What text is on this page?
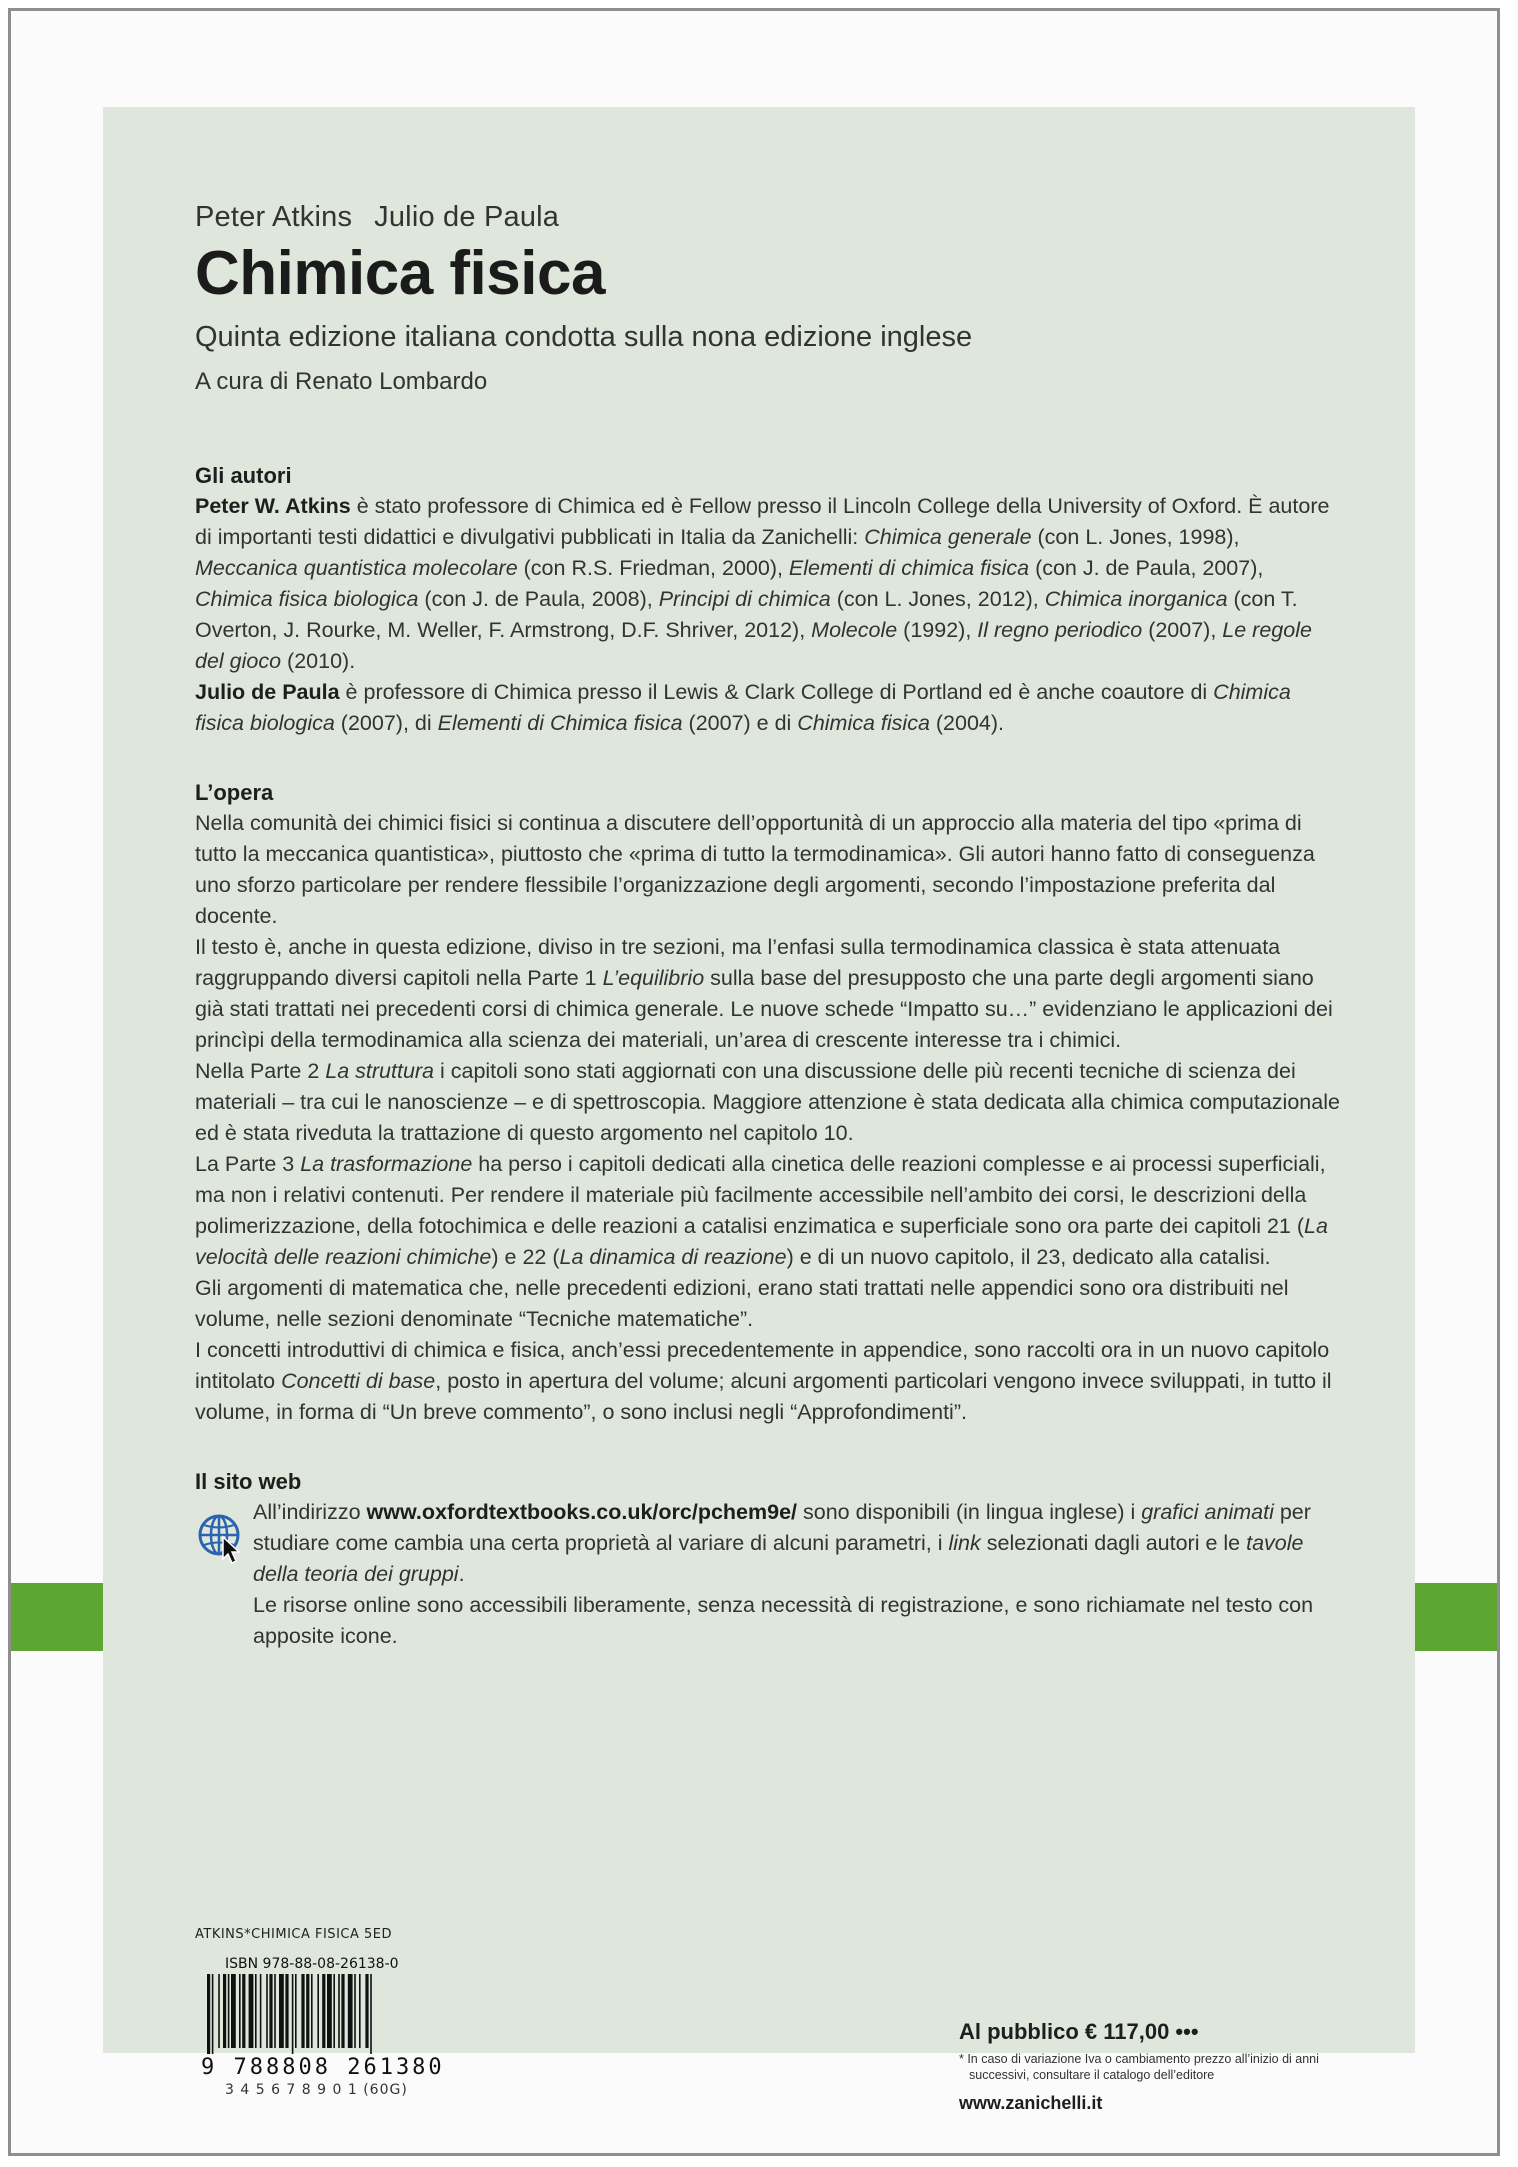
Peter Atkins Julio de Paula
Chimica fisica
Quinta edizione italiana condotta sulla nona edizione inglese
A cura di Renato Lombardo
Gli autori
Peter W. Atkins è stato professore di Chimica ed è Fellow presso il Lincoln College della University of Oxford. È autore di importanti testi didattici e divulgativi pubblicati in Italia da Zanichelli: Chimica generale (con L. Jones, 1998), Meccanica quantistica molecolare (con R.S. Friedman, 2000), Elementi di chimica fisica (con J. de Paula, 2007), Chimica fisica biologica (con J. de Paula, 2008), Principi di chimica (con L. Jones, 2012), Chimica inorganica (con T. Overton, J. Rourke, M. Weller, F. Armstrong, D.F. Shriver, 2012), Molecole (1992), Il regno periodico (2007), Le regole del gioco (2010).
Julio de Paula è professore di Chimica presso il Lewis & Clark College di Portland ed è anche coautore di Chimica fisica biologica (2007), di Elementi di Chimica fisica (2007) e di Chimica fisica (2004).
L’opera
Nella comunità dei chimici fisici si continua a discutere dell’opportunità di un approccio alla materia del tipo «prima di tutto la meccanica quantistica», piuttosto che «prima di tutto la termodinamica». Gli autori hanno fatto di conseguenza uno sforzo particolare per rendere flessibile l’organizzazione degli argomenti, secondo l’impostazione preferita dal docente.
Il testo è, anche in questa edizione, diviso in tre sezioni, ma l’enfasi sulla termodinamica classica è stata attenuata raggruppando diversi capitoli nella Parte 1 L’equilibrio sulla base del presupposto che una parte degli argomenti siano già stati trattati nei precedenti corsi di chimica generale. Le nuove schede “Impatto su…” evidenziano le applicazioni dei princìpi della termodinamica alla scienza dei materiali, un’area di crescente interesse tra i chimici.
Nella Parte 2 La struttura i capitoli sono stati aggiornati con una discussione delle più recenti tecniche di scienza dei materiali – tra cui le nanoscienze – e di spettroscopia. Maggiore attenzione è stata dedicata alla chimica computazionale ed è stata riveduta la trattazione di questo argomento nel capitolo 10.
La Parte 3 La trasformazione ha perso i capitoli dedicati alla cinetica delle reazioni complesse e ai processi superficiali, ma non i relativi contenuti. Per rendere il materiale più facilmente accessibile nell’ambito dei corsi, le descrizioni della polimerizzazione, della fotochimica e delle reazioni a catalisi enzimatica e superficiale sono ora parte dei capitoli 21 (La velocità delle reazioni chimiche) e 22 (La dinamica di reazione) e di un nuovo capitolo, il 23, dedicato alla catalisi.
Gli argomenti di matematica che, nelle precedenti edizioni, erano stati trattati nelle appendici sono ora distribuiti nel volume, nelle sezioni denominate “Tecniche matematiche”.
I concetti introduttivi di chimica e fisica, anch’essi precedentemente in appendice, sono raccolti ora in un nuovo capitolo intitolato Concetti di base, posto in apertura del volume; alcuni argomenti particolari vengono invece sviluppati, in tutto il volume, in forma di “Un breve commento”, o sono inclusi negli “Approfondimenti”.
Il sito web
All’indirizzo www.oxfordtextbooks.co.uk/orc/pchem9e/ sono disponibili (in lingua inglese) i grafici animati per studiare come cambia una certa proprietà al variare di alcuni parametri, i link selezionati dagli autori e le tavole della teoria dei gruppi.
Le risorse online sono accessibili liberamente, senza necessità di registrazione, e sono richiamate nel testo con apposite icone.
ATKINS*CHIMICA FISICA 5ED
ISBN 978-88-08-26138-0
9 788808 261380
3 4 5 6 7 8 9 0 1 (60G)
Al pubblico € 117,00 •••
* In caso di variazione Iva o cambiamento prezzo all’inizio di anni successivi, consultare il catalogo dell’editore
www.zanichelli.it
